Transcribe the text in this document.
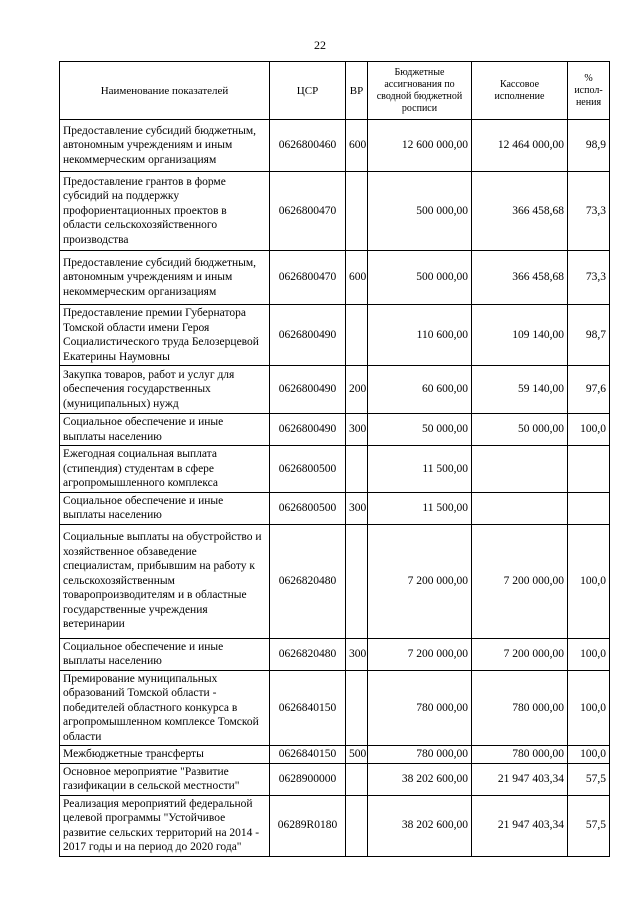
22
Наименование показателей	ЦСР	ВР	Бюджетные ассигнования по сводной бюджетной росписи	Кассовое исполнение	% испол-нения
Предоставление субсидий бюджетным, автономным учреждениям и иным некоммерческим организациям	0626800460	600	12 600 000,00	12 464 000,00	98,9
Предоставление грантов в форме субсидий на поддержку профориентационных проектов в области сельскохозяйственного производства	0626800470		500 000,00	366 458,68	73,3
Предоставление субсидий бюджетным, автономным учреждениям и иным некоммерческим организациям	0626800470	600	500 000,00	366 458,68	73,3
Предоставление премии Губернатора Томской области имени Героя Социалистического труда Белозерцевой Екатерины Наумовны	0626800490		110 600,00	109 140,00	98,7
Закупка товаров, работ и услуг для обеспечения государственных (муниципальных) нужд	0626800490	200	60 600,00	59 140,00	97,6
Социальное обеспечение и иные выплаты населению	0626800490	300	50 000,00	50 000,00	100,0
Ежегодная социальная выплата (стипендия) студентам в сфере агропромышленного комплекса	0626800500		11 500,00		
Социальное обеспечение и иные выплаты населению	0626800500	300	11 500,00		
Социальные выплаты на обустройство и хозяйственное обзаведение специалистам, прибывшим на работу к сельскохозяйственным товаропроизводителям и в областные государственные учреждения ветеринарии	0626820480		7 200 000,00	7 200 000,00	100,0
Социальное обеспечение и иные выплаты населению	0626820480	300	7 200 000,00	7 200 000,00	100,0
Премирование муниципальных образований Томской области - победителей областного конкурса в агропромышленном комплексе Томской области	0626840150		780 000,00	780 000,00	100,0
Межбюджетные трансферты	0626840150	500	780 000,00	780 000,00	100,0
Основное мероприятие "Развитие газификации в сельской местности"	0628900000		38 202 600,00	21 947 403,34	57,5
Реализация мероприятий федеральной целевой программы "Устойчивое развитие сельских территорий на 2014 - 2017 годы и на период до 2020 года"	06289R0180		38 202 600,00	21 947 403,34	57,5
